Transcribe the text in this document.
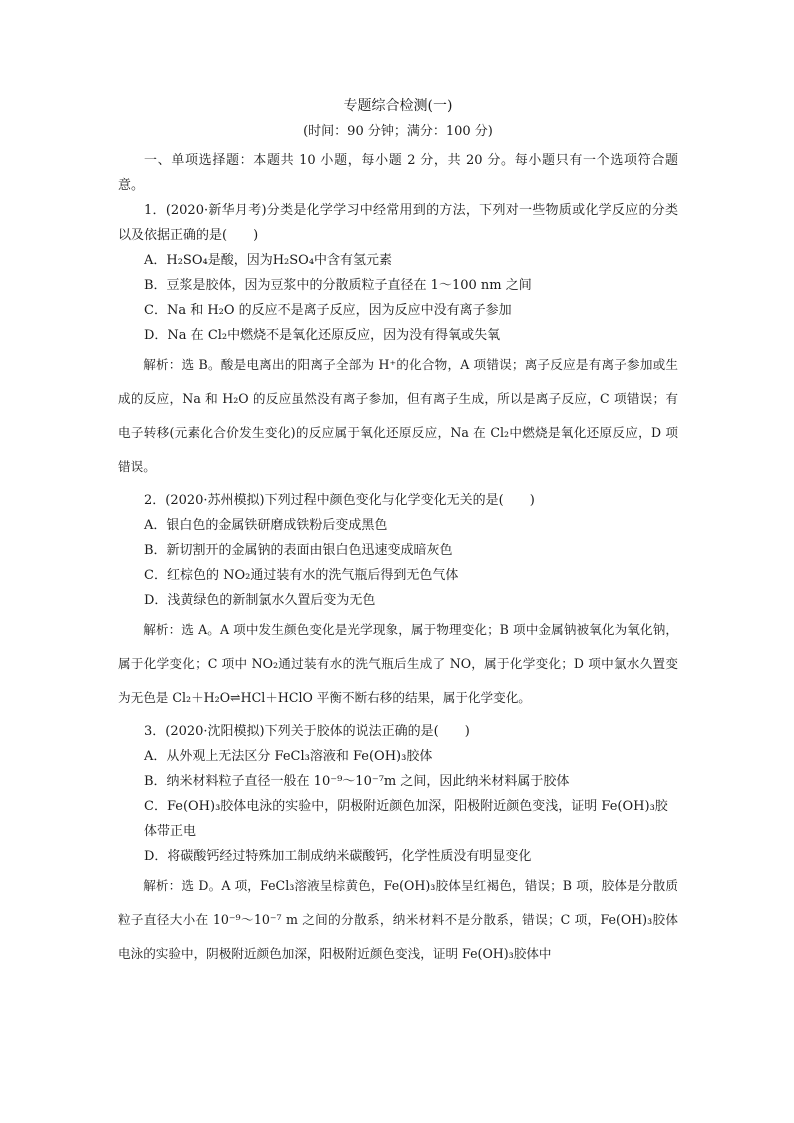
专题综合检测(一)

(时间：90 分钟；满分：100 分)

一、单项选择题：本题共 10 小题，每小题 2 分，共 20 分。每小题只有一个选项符合题意。

1．(2020·新华月考)分类是化学学习中经常用到的方法，下列对一些物质或化学反应的分类以及依据正确的是(　　)

A．H₂SO₄是酸，因为H₂SO₄中含有氢元素

B．豆浆是胶体，因为豆浆中的分散质粒子直径在 1～100 nm 之间

C．Na 和 H₂O 的反应不是离子反应，因为反应中没有离子参加

D．Na 在 Cl₂中燃烧不是氧化还原反应，因为没有得氧或失氧

解析：选 B。酸是电离出的阳离子全部为 H⁺的化合物，A 项错误；离子反应是有离子参加或生成的反应，Na 和 H₂O 的反应虽然没有离子参加，但有离子生成，所以是离子反应，C 项错误；有电子转移(元素化合价发生变化)的反应属于氧化还原反应，Na 在 Cl₂中燃烧是氧化还原反应，D 项错误。

2．(2020·苏州模拟)下列过程中颜色变化与化学变化无关的是(　　)

A．银白色的金属铁研磨成铁粉后变成黑色

B．新切割开的金属钠的表面由银白色迅速变成暗灰色

C．红棕色的 NO₂通过装有水的洗气瓶后得到无色气体

D．浅黄绿色的新制氯水久置后变为无色

解析：选 A。A 项中发生颜色变化是光学现象，属于物理变化；B 项中金属钠被氧化为氧化钠，属于化学变化；C 项中 NO₂通过装有水的洗气瓶后生成了 NO，属于化学变化；D 项中氯水久置变为无色是 Cl₂＋H₂O⇌HCl＋HClO 平衡不断右移的结果，属于化学变化。

3．(2020·沈阳模拟)下列关于胶体的说法正确的是(　　)

A．从外观上无法区分 FeCl₃溶液和 Fe(OH)₃胶体

B．纳米材料粒子直径一般在 10⁻⁹～10⁻⁷m 之间，因此纳米材料属于胶体

C．Fe(OH)₃胶体电泳的实验中，阴极附近颜色加深，阳极附近颜色变浅，证明 Fe(OH)₃胶体带正电

D．将碳酸钙经过特殊加工制成纳米碳酸钙，化学性质没有明显变化

解析：选 D。A 项，FeCl₃溶液呈棕黄色，Fe(OH)₃胶体呈红褐色，错误；B 项，胶体是分散质粒子直径大小在 10⁻⁹～10⁻⁷ m 之间的分散系，纳米材料不是分散系，错误；C 项，Fe(OH)₃胶体电泳的实验中，阴极附近颜色加深，阳极附近颜色变浅，证明 Fe(OH)₃胶体中
